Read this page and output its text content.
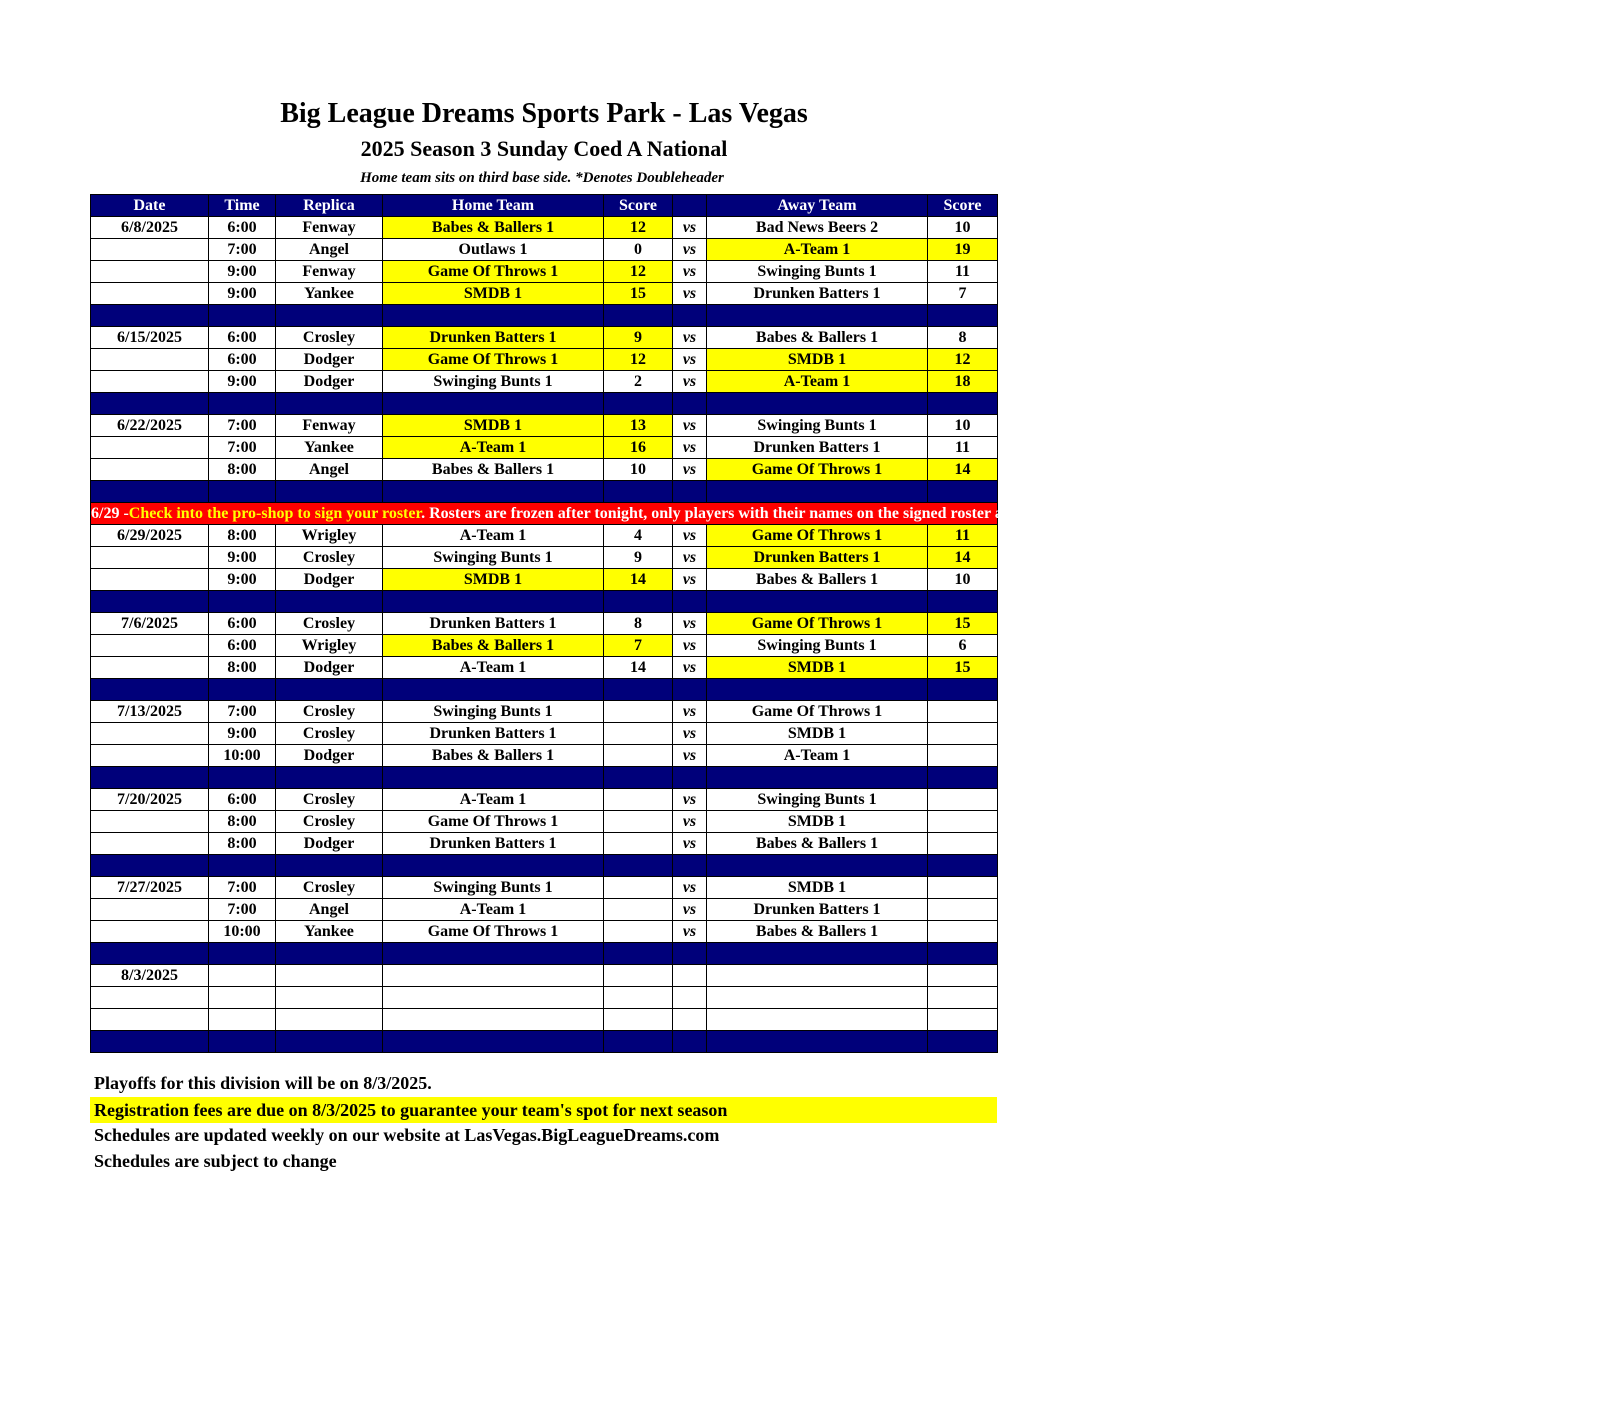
Big League Dreams Sports Park - Las Vegas
2025 Season 3 Sunday Coed A National
Home team sits on third base side. *Denotes Doubleheader
Date	Time	Replica	Home Team	Score		Away Team	Score
6/8/2025	6:00	Fenway	Babes & Ballers 1	12	vs	Bad News Beers 2	10
	7:00	Angel	Outlaws 1	0	vs	A-Team 1	19
	9:00	Fenway	Game Of Throws 1	12	vs	Swinging Bunts 1	11
	9:00	Yankee	SMDB 1	15	vs	Drunken Batters 1	7

6/15/2025	6:00	Crosley	Drunken Batters 1	9	vs	Babes & Ballers 1	8
	6:00	Dodger	Game Of Throws 1	12	vs	SMDB 1	12
	9:00	Dodger	Swinging Bunts 1	2	vs	A-Team 1	18

6/22/2025	7:00	Fenway	SMDB 1	13	vs	Swinging Bunts 1	10
	7:00	Yankee	A-Team 1	16	vs	Drunken Batters 1	11
	8:00	Angel	Babes & Ballers 1	10	vs	Game Of Throws 1	14

6/29 -Check into the pro-shop to sign your roster. Rosters are frozen after tonight, only players with their names on the signed roster are eligible for playoffs. Please check carefully as changes will not be made for omissions.							
6/29/2025	8:00	Wrigley	A-Team 1	4	vs	Game Of Throws 1	11
	9:00	Crosley	Swinging Bunts 1	9	vs	Drunken Batters 1	14
	9:00	Dodger	SMDB 1	14	vs	Babes & Ballers 1	10

7/6/2025	6:00	Crosley	Drunken Batters 1	8	vs	Game Of Throws 1	15
	6:00	Wrigley	Babes & Ballers 1	7	vs	Swinging Bunts 1	6
	8:00	Dodger	A-Team 1	14	vs	SMDB 1	15

7/13/2025	7:00	Crosley	Swinging Bunts 1		vs	Game Of Throws 1	
	9:00	Crosley	Drunken Batters 1		vs	SMDB 1	
	10:00	Dodger	Babes & Ballers 1		vs	A-Team 1	

7/20/2025	6:00	Crosley	A-Team 1		vs	Swinging Bunts 1	
	8:00	Crosley	Game Of Throws 1		vs	SMDB 1	
	8:00	Dodger	Drunken Batters 1		vs	Babes & Ballers 1	

7/27/2025	7:00	Crosley	Swinging Bunts 1		vs	SMDB 1	
	7:00	Angel	A-Team 1		vs	Drunken Batters 1	
	10:00	Yankee	Game Of Throws 1		vs	Babes & Ballers 1	

8/3/2025							

Playoffs for this division will be on 8/3/2025.
Registration fees are due on 8/3/2025 to guarantee your team's spot for next season
Schedules are updated weekly on our website at LasVegas.BigLeagueDreams.com
Schedules are subject to change
